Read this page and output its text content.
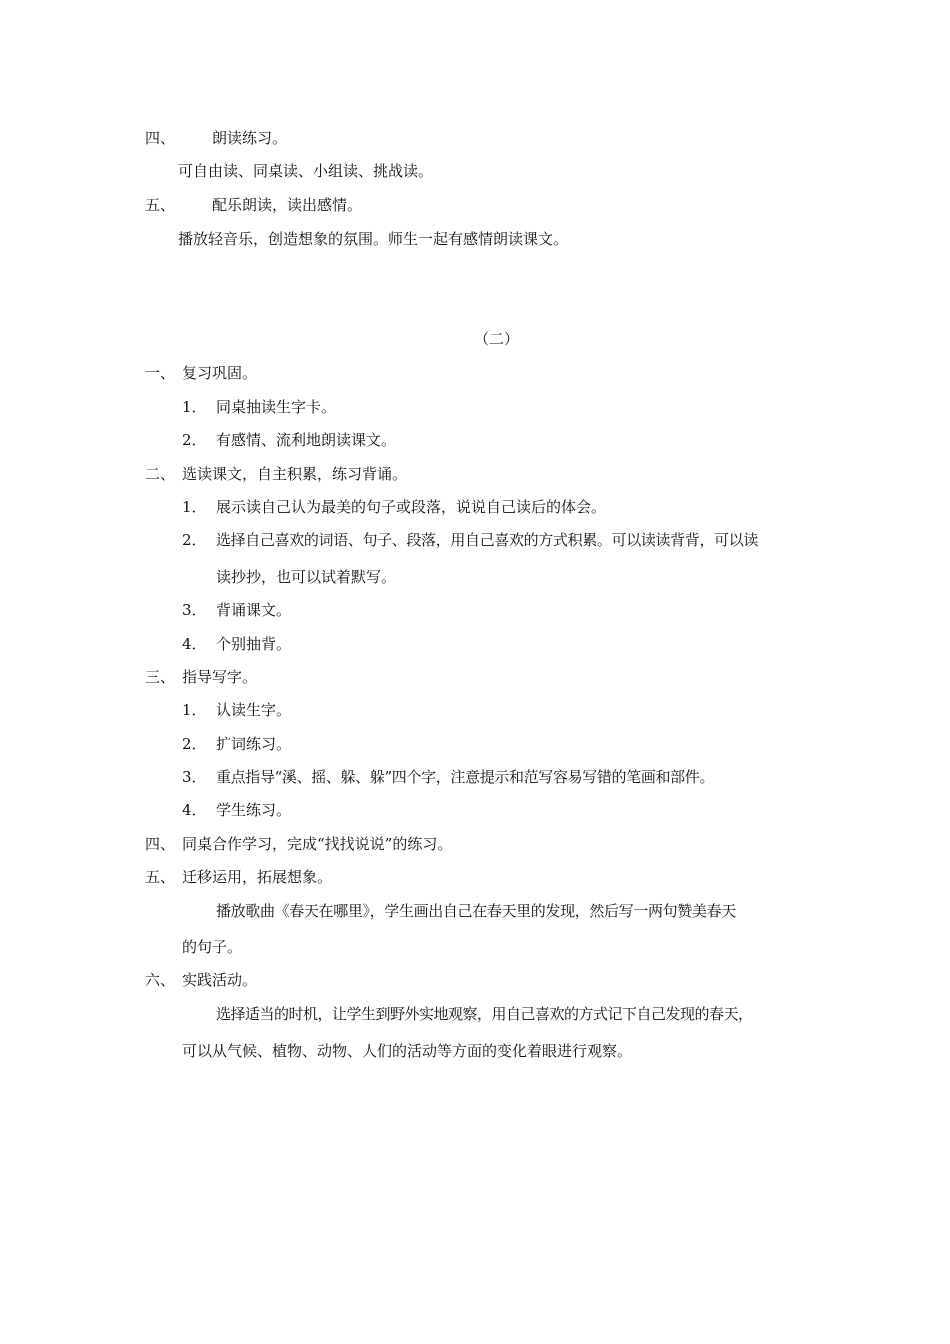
四、 朗读练习。
可自由读、同桌读、小组读、挑战读。
五、 配乐朗读，读出感情。
播放轻音乐，创造想象的氛围。师生一起有感情朗读课文。
（二）
一、 复习巩固。
1． 同桌抽读生字卡。
2． 有感情、流利地朗读课文。
二、 选读课文，自主积累，练习背诵。
1． 展示读自己认为最美的句子或段落，说说自己读后的体会。
2． 选择自己喜欢的词语、句子、段落，用自己喜欢的方式积累。可以读读背背，可以读
读抄抄，也可以试着默写。
3． 背诵课文。
4． 个别抽背。
三、 指导写字。
1． 认读生字。
2． 扩词练习。
3． 重点指导“溪、摇、躲、躲”四个字，注意提示和范写容易写错的笔画和部件。
4． 学生练习。
四、 同桌合作学习，完成“找找说说”的练习。
五、 迁移运用，拓展想象。
播放歌曲《春天在哪里》，学生画出自己在春天里的发现，然后写一两句赞美春天
的句子。
六、 实践活动。
选择适当的时机，让学生到野外实地观察，用自己喜欢的方式记下自己发现的春天，
可以从气候、植物、动物、人们的活动等方面的变化着眼进行观察。
